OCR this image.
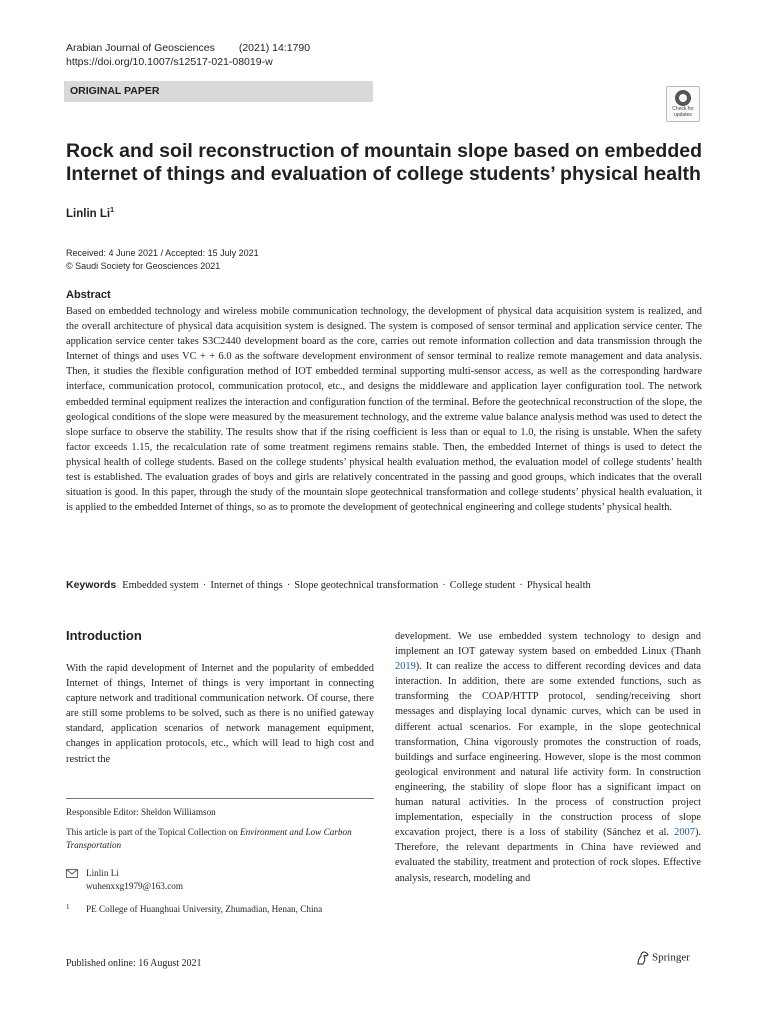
Arabian Journal of Geosciences (2021) 14:1790
https://doi.org/10.1007/s12517-021-08019-w
ORIGINAL PAPER
Check for
updates
Rock and soil reconstruction of mountain slope based on embedded
Internet of things and evaluation of college students’ physical health
Linlin Li$^1$
Received: 4 June 2021 / Accepted: 15 July 2021
© Saudi Society for Geosciences 2021
Abstract
Based on embedded technology and wireless mobile communication technology, the development of physical data acquisition system is realized, and the overall architecture of physical data acquisition system is designed. The system is composed of sensor terminal and application service center. The application service center takes S3C2440 development board as the core, carries out remote information collection and data transmission through the Internet of things and uses VC + + 6.0 as the software development environment of sensor terminal to realize remote management and data analysis. Then, it studies the flexible configuration method of IOT embedded terminal supporting multi-sensor access, as well as the corresponding hardware interface, communication protocol, communication protocol, etc., and designs the middleware and application layer configuration tool. The network embedded terminal equipment realizes the interaction and configuration function of the terminal. Before the geotechnical reconstruction of the slope, the geological conditions of the slope were measured by the measurement technology, and the extreme value balance analysis method was used to detect the slope surface to observe the stability. The results show that if the rising coefficient is less than or equal to 1.0, the rising is unstable. When the safety factor exceeds 1.15, the recalculation rate of some treatment regimens remains stable. Then, the embedded Internet of things is used to detect the physical health of college students. Based on the college students’ physical health evaluation method, the evaluation model of college students’ health test is established. The evaluation grades of boys and girls are relatively concentrated in the passing and good groups, which indicates that the overall situation is good. In this paper, through the study of the mountain slope geotechnical transformation and college students’ physical health evaluation, it is applied to the embedded Internet of things, so as to promote the development of geotechnical engineering and college students’ physical health.
Keywords Embedded system · Internet of things · Slope geotechnical transformation · College student · Physical health
Introduction
With the rapid development of Internet and the popularity of embedded Internet of things, Internet of things is very important in connecting capture network and traditional communication network. Of course, there are still some problems to be solved, such as there is no unified gateway standard, application scenarios of network management equipment, changes in application protocols, etc., which will lead to high cost and restrict the
development. We use embedded system technology to design and implement an IOT gateway system based on embedded Linux (Thanh 2019). It can realize the access to different recording devices and data interaction. In addition, there are some extended functions, such as transforming the COAP/HTTP protocol, sending/receiving short messages and displaying local dynamic curves, which can be used in different actual scenarios. For example, in the slope geotechnical transformation, China vigorously promotes the construction of roads, buildings and surface engineering. However, slope is the most common geological environment and natural life activity form. In construction engineering, the stability of slope floor has a significant impact on human natural activities. In the process of construction project implementation, especially in the construction process of slope excavation project, there is a loss of stability (Sánchez et al. 2007). Therefore, the relevant departments in China have reviewed and evaluated the stability, treatment and protection of rock slopes. Effective analysis, research, modeling and
Responsible Editor: Sheldon Williamson
This article is part of the Topical Collection on Environment and Low Carbon Transportation
Linlin Li
wuhenxxg1979@163.com
1 PE College of Huanghuai University, Zhumadian, Henan, China
Published online: 16 August 2021	Springer
